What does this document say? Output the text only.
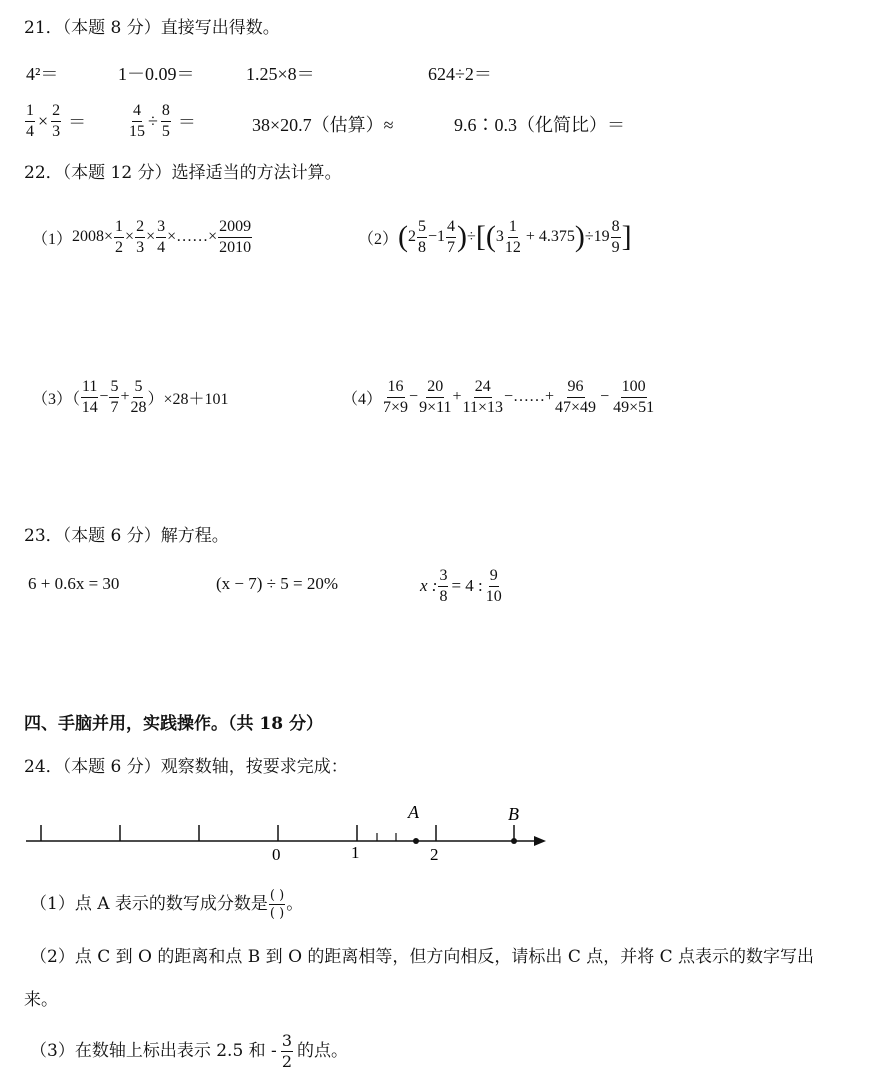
21．（本题 8 分）直接写出得数。
4²＝	1－0.09＝	1.25×8＝	624÷2＝
$\frac{1}{4} \times \frac{2}{3}$ ＝	$\frac{4}{15} \div \frac{8}{5}$ ＝	38×20.7（估算）≈	9.6∶0.3（化简比）＝
22．（本题 12 分）选择适当的方法计算。
（1） $2008\times \frac{1}{2} \times \frac{2}{3} \times \frac{3}{4}$ ×……× $\frac{2009}{2010}$	（2） ( $2 \frac{5}{8} - 1 \frac{4}{7}$ ) ÷ [ ( $3 \frac{1}{12} + 4.375$ ) ÷ $19 \frac{8}{9}$ ]
$(3)( \frac{11}{14} - \frac{5}{7} + \frac{5}{28} )\times 28+101$	$(4) \frac{16}{7\times 9} - \frac{20}{9\times 11} + \frac{24}{11\times 13}$ −……+ $\frac{96}{47\times 49} - \frac{100}{49\times 51}$
23．（本题 6 分）解方程。
6 + 0.6x = 30	(x − 7) ÷ 5 = 20%	x : $\frac{3}{8} = 4$ : $\frac{9}{10}$
四、手脑并用，实践操作。（共 18 分）
24．（本题 6 分）观察数轴，按要求完成：
0	1	2
A	B
（1）点 A 表示的数写成分数是 $\frac{( )}{( )}$ 。
（2）点 C 到 O 的距离和点 B 到 O 的距离相等，但方向相反，请标出 C 点，并将 C 点表示的数字写出
来。
（3）在数轴上标出表示 2.5 和 - $\frac{3}{2}$ 的点。
